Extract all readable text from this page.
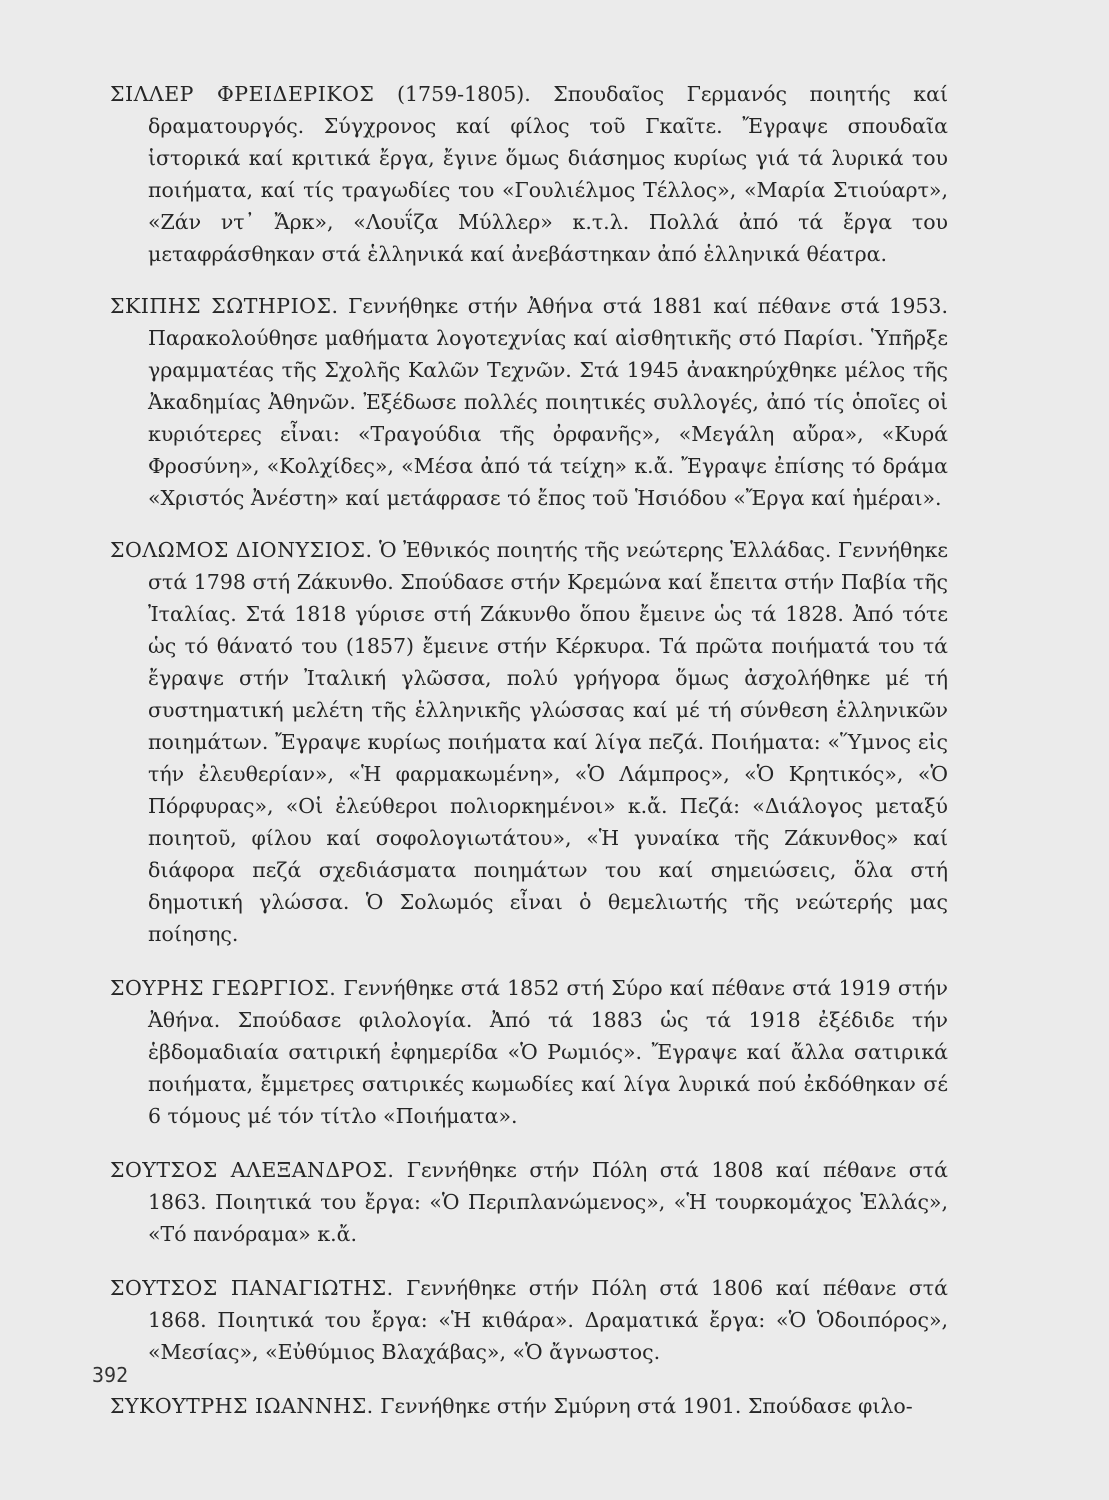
ΣΙΛΛΕΡ ΦΡΕΙΔΕΡΙΚΟΣ (1759-1805). Σπουδαῖος Γερμανός ποιητής καί δραματουργός. Σύγχρονος καί φίλος τοῦ Γκαῖτε. Ἔγραψε σπουδαῖα ἱστορικά καί κριτικά ἔργα, ἔγινε ὅμως διάσημος κυρίως γιά τά λυρικά του ποιήματα, καί τίς τραγωδίες του «Γουλιέλμος Τέλλος», «Μαρία Στιούαρτ», «Ζάν ντ᾽ Ἄρκ», «Λουΐζα Μύλλερ» κ.τ.λ. Πολλά ἀπό τά ἔργα του μεταφράσθηκαν στά ἑλληνικά καί ἀνεβάστηκαν ἀπό ἑλληνικά θέατρα.

ΣΚΙΠΗΣ ΣΩΤΗΡΙΟΣ. Γεννήθηκε στήν Ἀθήνα στά 1881 καί πέθανε στά 1953. Παρακολούθησε μαθήματα λογοτεχνίας καί αἰσθητικῆς στό Παρίσι. Ὑπῆρξε γραμματέας τῆς Σχολῆς Καλῶν Τεχνῶν. Στά 1945 ἀνακηρύχθηκε μέλος τῆς Ἀκαδημίας Ἀθηνῶν. Ἐξέδωσε πολλές ποιητικές συλλογές, ἀπό τίς ὁποῖες οἱ κυριότερες εἶναι: «Τραγούδια τῆς ὀρφανῆς», «Μεγάλη αὔρα», «Κυρά Φροσύνη», «Κολχίδες», «Μέσα ἀπό τά τείχη» κ.ἄ. Ἔγραψε ἐπίσης τό δράμα «Χριστός Ἀνέστη» καί μετάφρασε τό ἔπος τοῦ Ἡσιόδου «Ἔργα καί ἡμέραι».

ΣΟΛΩΜΟΣ ΔΙΟΝΥΣΙΟΣ. Ὁ Ἐθνικός ποιητής τῆς νεώτερης Ἑλλάδας. Γεννήθηκε στά 1798 στή Ζάκυνθο. Σπούδασε στήν Κρεμώνα καί ἔπειτα στήν Παβία τῆς Ἰταλίας. Στά 1818 γύρισε στή Ζάκυνθο ὅπου ἔμεινε ὡς τά 1828. Ἀπό τότε ὡς τό θάνατό του (1857) ἔμεινε στήν Κέρκυρα. Τά πρῶτα ποιήματά του τά ἔγραψε στήν Ἰταλική γλῶσσα, πολύ γρήγορα ὅμως ἀσχολήθηκε μέ τή συστηματική μελέτη τῆς ἑλληνικῆς γλώσσας καί μέ τή σύνθεση ἑλληνικῶν ποιημάτων. Ἔγραψε κυρίως ποιήματα καί λίγα πεζά. Ποιήματα: «Ὕμνος εἰς τήν ἐλευθερίαν», «Ἡ φαρμακωμένη», «Ὁ Λάμπρος», «Ὁ Κρητικός», «Ὁ Πόρφυρας», «Οἱ ἐλεύθεροι πολιορκημένοι» κ.ἄ. Πεζά: «Διάλογος μεταξύ ποιητοῦ, φίλου καί σοφολογιωτάτου», «Ἡ γυναίκα τῆς Ζάκυνθος» καί διάφορα πεζά σχεδιάσματα ποιημάτων του καί σημειώσεις, ὅλα στή δημοτική γλώσσα. Ὁ Σολωμός εἶναι ὁ θεμελιωτής τῆς νεώτερής μας ποίησης.

ΣΟΥΡΗΣ ΓΕΩΡΓΙΟΣ. Γεννήθηκε στά 1852 στή Σύρο καί πέθανε στά 1919 στήν Ἀθήνα. Σπούδασε φιλολογία. Ἀπό τά 1883 ὡς τά 1918 ἐξέδιδε τήν ἑβδομαδιαία σατιρική ἐφημερίδα «Ὁ Ρωμιός». Ἔγραψε καί ἄλλα σατιρικά ποιήματα, ἔμμετρες σατιρικές κωμωδίες καί λίγα λυρικά πού ἐκδόθηκαν σέ 6 τόμους μέ τόν τίτλο «Ποιήματα».

ΣΟΥΤΣΟΣ ΑΛΕΞΑΝΔΡΟΣ. Γεννήθηκε στήν Πόλη στά 1808 καί πέθανε στά 1863. Ποιητικά του ἔργα: «Ὁ Περιπλανώμενος», «Ἡ τουρκομάχος Ἑλλάς», «Τό πανόραμα» κ.ἄ.

ΣΟΥΤΣΟΣ ΠΑΝΑΓΙΩΤΗΣ. Γεννήθηκε στήν Πόλη στά 1806 καί πέθανε στά 1868. Ποιητικά του ἔργα: «Ἡ κιθάρα». Δραματικά ἔργα: «Ὁ Ὁδοιπόρος», «Μεσίας», «Εὐθύμιος Βλαχάβας», «Ὁ ἄγνωστος.

ΣΥΚΟΥΤΡΗΣ ΙΩΑΝΝΗΣ. Γεννήθηκε στήν Σμύρνη στά 1901. Σπούδασε φιλο-

392
